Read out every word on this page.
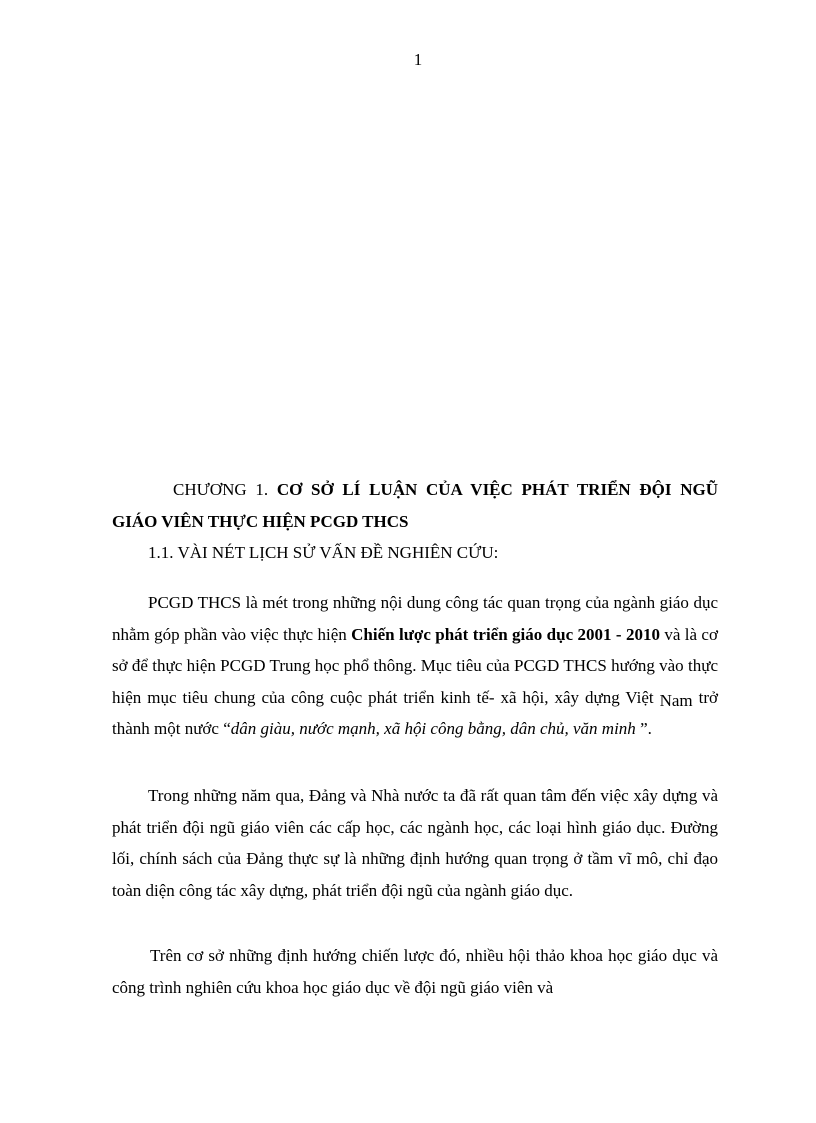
1
CHƯƠNG 1. CƠ SỞ LÍ LUẬN CỦA VIỆC PHÁT TRIỂN ĐỘI NGŨ GIÁO VIÊN THỰC HIỆN PCGD THCS
1.1. VÀI NÉT LỊCH SỬ VẤN ĐỀ NGHIÊN CỨU:

PCGD THCS là mét trong những nội dung công tác quan trọng của ngành giáo dục nhằm góp phần vào việc thực hiện Chiến lược phát triển giáo dục 2001 - 2010 và là cơ sở để thực hiện PCGD Trung học phổ thông. Mục tiêu của PCGD THCS hướng vào thực hiện mục tiêu chung của công cuộc phát triển kinh tế- xã hội, xây dựng Việt Nam trở thành một nước “dân giàu, nước mạnh, xã hội công bằng, dân chủ, văn minh ”.

Trong những năm qua, Đảng và Nhà nước ta đã rất quan tâm đến việc xây dựng và phát triển đội ngũ giáo viên các cấp học, các ngành học, các loại hình giáo dục. Đường lối, chính sách của Đảng thực sự là những định hướng quan trọng ở tầm vĩ mô, chỉ đạo toàn diện công tác xây dựng, phát triển đội ngũ của ngành giáo dục.

Trên cơ sở những định hướng chiến lược đó, nhiều hội thảo khoa học giáo dục và công trình nghiên cứu khoa học giáo dục về đội ngũ giáo viên và
